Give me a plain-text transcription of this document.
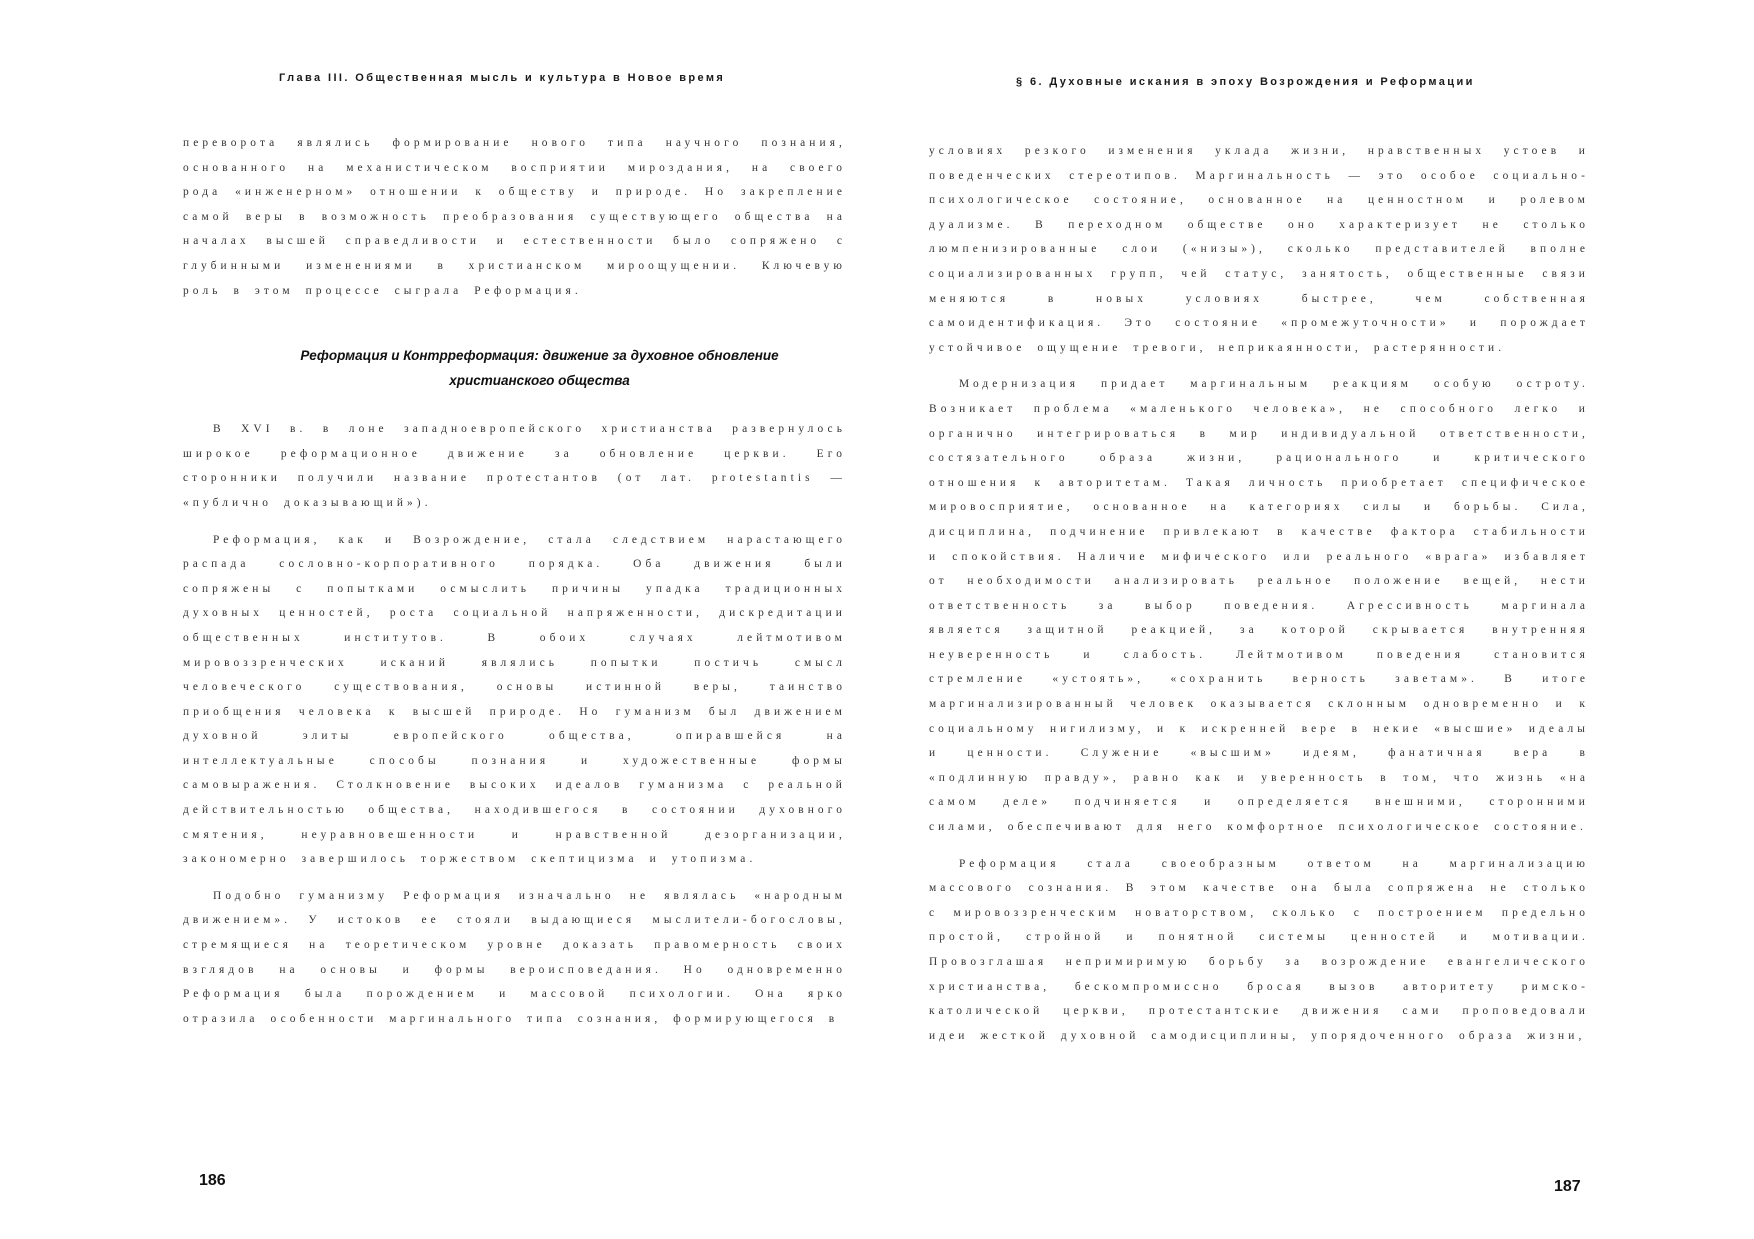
Глава III. Общественная мысль и культура в Новое время

переворота являлись формирование нового типа научного познания, основанного на механистическом восприятии мироздания, на своего рода «инженерном» отношении к обществу и природе. Но закрепление самой веры в возможность преобразования существующего общества на началах высшей справедливости и естественности было сопряжено с глубинными изменениями в христианском мироощущении. Ключевую роль в этом процессе сыграла Реформация.

Реформация и Контрреформация: движение за духовное обновление христианского общества

В XVI в. в лоне западноевропейского христианства развернулось широкое реформационное движение за обновление церкви. Его сторонники получили название протестантов (от лат. protestantis — «публично доказывающий»).

Реформация, как и Возрождение, стала следствием нарастающего распада сословно-корпоративного порядка. Оба движения были сопряжены с попытками осмыслить причины упадка традиционных духовных ценностей, роста социальной напряженности, дискредитации общественных институтов. В обоих случаях лейтмотивом мировоззренческих исканий являлись попытки постичь смысл человеческого существования, основы истинной веры, таинство приобщения человека к высшей природе. Но гуманизм был движением духовной элиты европейского общества, опиравшейся на интеллектуальные способы познания и художественные формы самовыражения. Столкновение высоких идеалов гуманизма с реальной действительностью общества, находившегося в состоянии духовного смятения, неуравновешенности и нравственной дезорганизации, закономерно завершилось торжеством скептицизма и утопизма.

Подобно гуманизму Реформация изначально не являлась «народным движением». У истоков ее стояли выдающиеся мыслители-богословы, стремящиеся на теоретическом уровне доказать правомерность своих взглядов на основы и формы вероисповедания. Но одновременно Реформация была порождением и массовой психологии. Она ярко отразила особенности маргинального типа сознания, формирующегося в

186
§ 6. Духовные искания в эпоху Возрождения и Реформации

условиях резкого изменения уклада жизни, нравственных устоев и поведенческих стереотипов. Маргинальность — это особое социально-психологическое состояние, основанное на ценностном и ролевом дуализме. В переходном обществе оно характеризует не столько люмпенизированные слои («низы»), сколько представителей вполне социализированных групп, чей статус, занятость, общественные связи меняются в новых условиях быстрее, чем собственная самоидентификация. Это состояние «промежуточности» и порождает устойчивое ощущение тревоги, неприкаянности, растерянности.

Модернизация придает маргинальным реакциям особую остроту. Возникает проблема «маленького человека», не способного легко и органично интегрироваться в мир индивидуальной ответственности, состязательного образа жизни, рационального и критического отношения к авторитетам. Такая личность приобретает специфическое мировосприятие, основанное на категориях силы и борьбы. Сила, дисциплина, подчинение привлекают в качестве фактора стабильности и спокойствия. Наличие мифического или реального «врага» избавляет от необходимости анализировать реальное положение вещей, нести ответственность за выбор поведения. Агрессивность маргинала является защитной реакцией, за которой скрывается внутренняя неуверенность и слабость. Лейтмотивом поведения становится стремление «устоять», «сохранить верность заветам». В итоге маргинализированный человек оказывается склонным одновременно и к социальному нигилизму, и к искренней вере в некие «высшие» идеалы и ценности. Служение «высшим» идеям, фанатичная вера в «подлинную правду», равно как и уверенность в том, что жизнь «на самом деле» подчиняется и определяется внешними, сторонними силами, обеспечивают для него комфортное психологическое состояние.

Реформация стала своеобразным ответом на маргинализацию массового сознания. В этом качестве она была сопряжена не столько с мировоззренческим новаторством, сколько с построением предельно простой, стройной и понятной системы ценностей и мотивации. Провозглашая непримиримую борьбу за возрождение евангелического христианства, бескомпромиссно бросая вызов авторитету римско-католической церкви, протестантские движения сами проповедовали идеи жесткой духовной самодисциплины, упорядоченного образа жизни,

187
